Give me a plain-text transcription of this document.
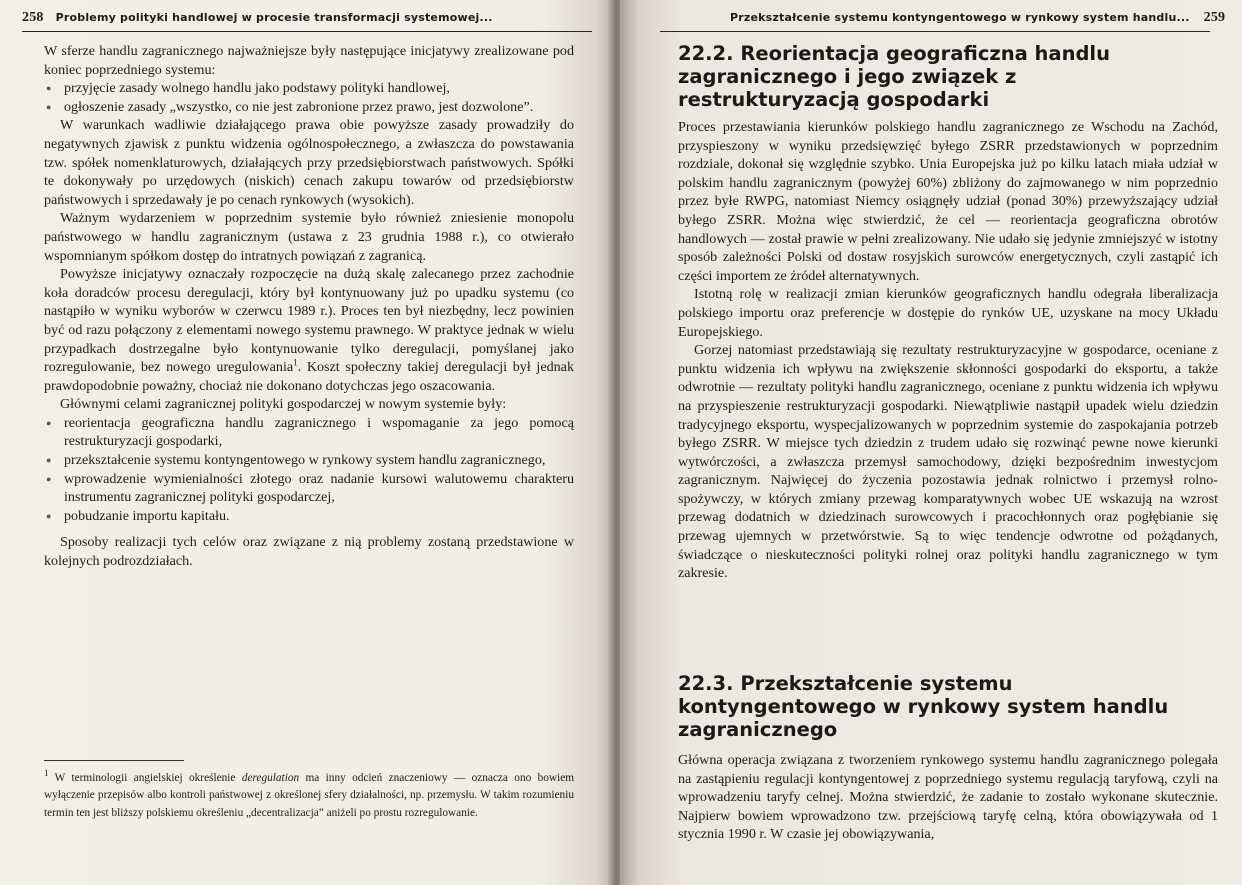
258 Problemy polityki handlowej w procesie transformacji systemowej...

W sferze handlu zagranicznego najważniejsze były następujące inicjatywy zrealizowane pod koniec poprzedniego systemu:

● przyjęcie zasady wolnego handlu jako podstawy polityki handlowej,
● ogłoszenie zasady „wszystko, co nie jest zabronione przez prawo, jest dozwolone”.

W warunkach wadliwie działającego prawa obie powyższe zasady prowadziły do negatywnych zjawisk z punktu widzenia ogólnospołecznego, a zwłaszcza do powstawania tzw. spółek nomenklaturowych, działających przy przedsiębiorstwach państwowych. Spółki te dokonywały po urzędowych (niskich) cenach zakupu towarów od przedsiębiorstw państwowych i sprzedawały je po cenach rynkowych (wysokich).

Ważnym wydarzeniem w poprzednim systemie było również zniesienie monopolu państwowego w handlu zagranicznym (ustawa z 23 grudnia 1988 r.), co otwierało wspomnianym spółkom dostęp do intratnych powiązań z zagranicą.

Powyższe inicjatywy oznaczały rozpoczęcie na dużą skalę zalecanego przez zachodnie koła doradców procesu deregulacji, który był kontynuowany już po upadku systemu (co nastąpiło w wyniku wyborów w czerwcu 1989 r.). Proces ten był niezbędny, lecz powinien być od razu połączony z elementami nowego systemu prawnego. W praktyce jednak w wielu przypadkach dostrzegalne było kontynuowanie tylko deregulacji, pomyślanej jako rozregulowanie, bez nowego uregulowania$^1$. Koszt społeczny takiej deregulacji był jednak prawdopodobnie poważny, chociaż nie dokonano dotychczas jego oszacowania.

Głównymi celami zagranicznej polityki gospodarczej w nowym systemie były:

● reorientacja geograficzna handlu zagranicznego i wspomaganie za jego pomocą restrukturyzacji gospodarki,
● przekształcenie systemu kontyngentowego w rynkowy system handlu zagranicznego,
● wprowadzenie wymienialności złotego oraz nadanie kursowi walutowemu charakteru instrumentu zagranicznej polityki gospodarczej,
● pobudzanie importu kapitału.

Sposoby realizacji tych celów oraz związane z nią problemy zostaną przedstawione w kolejnych podrozdziałach.

$^1$ W terminologii angielskiej określenie deregulation ma inny odcień znaczeniowy — oznacza ono bowiem wyłączenie przepisów albo kontroli państwowej z określonej sfery działalności, np. przemysłu. W takim rozumieniu termin ten jest bliższy polskiemu określeniu „decentralizacja” aniżeli po prostu rozregulowanie.
Przekształcenie systemu kontyngentowego w rynkowy system handlu... 259
22.2. Reorientacja geograficzna handlu zagranicznego i jego związek z restrukturyzacją gospodarki

Proces przestawiania kierunków polskiego handlu zagranicznego ze Wschodu na Zachód, przyspieszony w wyniku przedsięwzięć byłego ZSRR przedstawionych w poprzednim rozdziale, dokonał się względnie szybko. Unia Europejska już po kilku latach miała udział w polskim handlu zagranicznym (powyżej 60%) zbliżony do zajmowanego w nim poprzednio przez byłe RWPG, natomiast Niemcy osiągnęły udział (ponad 30%) przewyższający udział byłego ZSRR. Można więc stwierdzić, że cel — reorientacja geograficzna obrotów handlowych — został prawie w pełni zrealizowany. Nie udało się jedynie zmniejszyć w istotny sposób zależności Polski od dostaw rosyjskich surowców energetycznych, czyli zastąpić ich części importem ze źródeł alternatywnych.

Istotną rolę w realizacji zmian kierunków geograficznych handlu odegrała liberalizacja polskiego importu oraz preferencje w dostępie do rynków UE, uzyskane na mocy Układu Europejskiego.

Gorzej natomiast przedstawiają się rezultaty restrukturyzacyjne w gospodarce, oceniane z punktu widzenia ich wpływu na zwiększenie skłonności gospodarki do eksportu, a także odwrotnie — rezultaty polityki handlu zagranicznego, oceniane z punktu widzenia ich wpływu na przyspieszenie restrukturyzacji gospodarki. Niewątpliwie nastąpił upadek wielu dziedzin tradycyjnego eksportu, wyspecjalizowanych w poprzednim systemie do zaspokajania potrzeb byłego ZSRR. W miejsce tych dziedzin z trudem udało się rozwinąć pewne nowe kierunki wytwórczości, a zwłaszcza przemysł samochodowy, dzięki bezpośrednim inwestycjom zagranicznym. Najwięcej do życzenia pozostawia jednak rolnictwo i przemysł rolno-spożywczy, w których zmiany przewag komparatywnych wobec UE wskazują na wzrost przewag dodatnich w dziedzinach surowcowych i pracochłonnych oraz pogłębianie się przewag ujemnych w przetwórstwie. Są to więc tendencje odwrotne od pożądanych, świadczące o nieskuteczności polityki rolnej oraz polityki handlu zagranicznego w tym zakresie.

22.3. Przekształcenie systemu kontyngentowego w rynkowy system handlu zagranicznego

Główna operacja związana z tworzeniem rynkowego systemu handlu zagranicznego polegała na zastąpieniu regulacji kontyngentowej z poprzedniego systemu regulacją taryfową, czyli na wprowadzeniu taryfy celnej. Można stwierdzić, że zadanie to zostało wykonane skutecznie. Najpierw bowiem wprowadzono tzw. przejściową taryfę celną, która obowiązywała od 1 stycznia 1990 r. W czasie jej obowiązywania,
